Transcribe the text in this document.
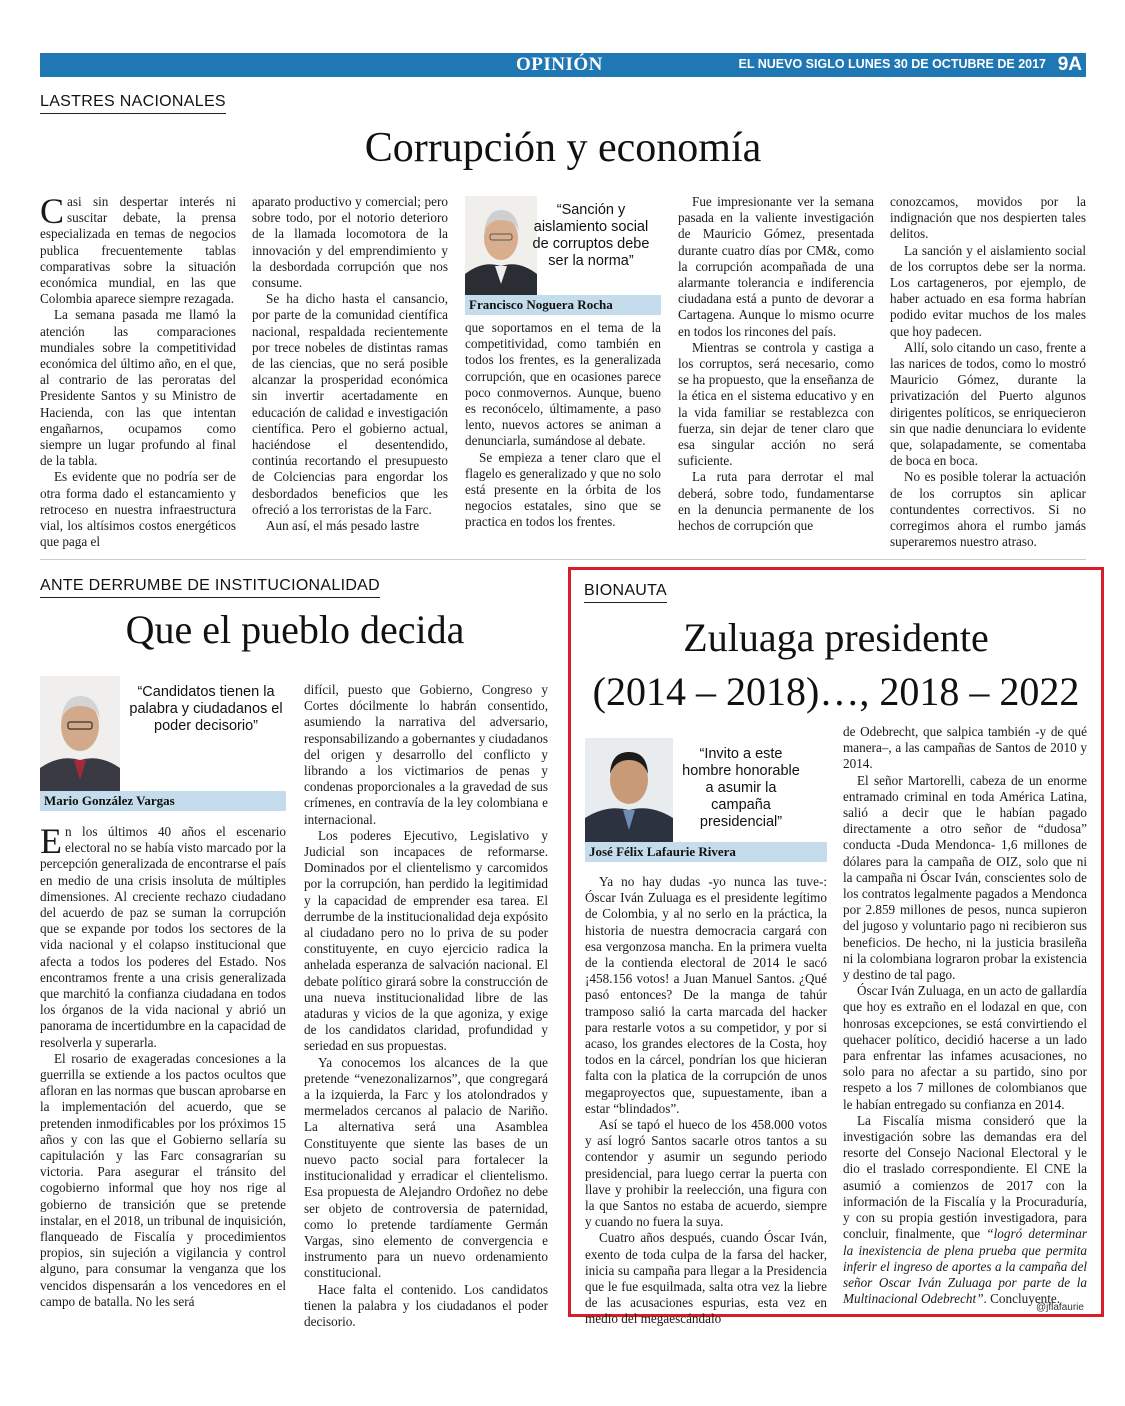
OPINIÓN	EL NUEVO SIGLO LUNES 30 DE OCTUBRE DE 2017 9A
LASTRES NACIONALES
Corrupción y economía

Casi sin despertar interés ni suscitar debate, la prensa especializada en temas de negocios publica frecuentemente tablas comparativas sobre la situación económica mundial, en las que Colombia aparece siempre rezagada.

La semana pasada me llamó la atención las comparaciones mundiales sobre la competitividad económica del último año, en el que, al contrario de las peroratas del Presidente Santos y su Ministro de Hacienda, con las que intentan engañarnos, ocupamos como siempre un lugar profundo al final de la tabla.

Es evidente que no podría ser de otra forma dado el estancamiento y retroceso en nuestra infraestructura vial, los altísimos costos energéticos que paga el

aparato productivo y comercial; pero sobre todo, por el notorio deterioro de la llamada locomotora de la innovación y del emprendimiento y la desbordada corrupción que nos consume.

Se ha dicho hasta el cansancio, por parte de la comunidad científica nacional, respaldada recientemente por trece nobeles de distintas ramas de las ciencias, que no será posible alcanzar la prosperidad económica sin invertir acertadamente en educación de calidad e investigación científica. Pero el gobierno actual, haciéndose el desentendido, continúa recortando el presupuesto de Colciencias para engordar los desbordados beneficios que les ofreció a los terroristas de la Farc.

Aun así, el más pesado lastre

“Sanción y aislamiento social de corruptos debe ser la norma”
Francisco Noguera Rocha

que soportamos en el tema de la competitividad, como también en todos los frentes, es la generalizada corrupción, que en ocasiones parece poco conmovernos. Aunque, bueno es reconócelo, últimamente, a paso lento, nuevos actores se animan a denunciarla, sumándose al debate.

Se empieza a tener claro que el flagelo es generalizado y que no solo está presente en la órbita de los negocios estatales, sino que se practica en todos los frentes.

Fue impresionante ver la semana pasada en la valiente investigación de Mauricio Gómez, presentada durante cuatro días por CM&, como la corrupción acompañada de una alarmante tolerancia e indiferencia ciudadana está a punto de devorar a Cartagena. Aunque lo mismo ocurre en todos los rincones del país.

Mientras se controla y castiga a los corruptos, será necesario, como se ha propuesto, que la enseñanza de la ética en el sistema educativo y en la vida familiar se restablezca con fuerza, sin dejar de tener claro que esa singular acción no será suficiente.

La ruta para derrotar el mal deberá, sobre todo, fundamentarse en la denuncia permanente de los hechos de corrupción que

conozcamos, movidos por la indignación que nos despierten tales delitos.

La sanción y el aislamiento social de los corruptos debe ser la norma. Los cartageneros, por ejemplo, de haber actuado en esa forma habrían podido evitar muchos de los males que hoy padecen.

Allí, solo citando un caso, frente a las narices de todos, como lo mostró Mauricio Gómez, durante la privatización del Puerto algunos dirigentes políticos, se enriquecieron sin que nadie denunciara lo evidente que, solapadamente, se comentaba de boca en boca.

No es posible tolerar la actuación de los corruptos sin aplicar contundentes correctivos. Si no corregimos ahora el rumbo jamás superaremos nuestro atraso.

ANTE DERRUMBE DE INSTITUCIONALIDAD
Que el pueblo decida
“Candidatos tienen la palabra y ciudadanos el poder decisorio”
Mario González Vargas

En los últimos 40 años el escenario electoral no se había visto marcado por la percepción generalizada de encontrarse el país en medio de una crisis insoluta de múltiples dimensiones. Al creciente rechazo ciudadano del acuerdo de paz se suman la corrupción que se expande por todos los sectores de la vida nacional y el colapso institucional que afecta a todos los poderes del Estado. Nos encontramos frente a una crisis generalizada que marchitó la confianza ciudadana en todos los órganos de la vida nacional y abrió un panorama de incertidumbre en la capacidad de resolverla y superarla.

El rosario de exageradas concesiones a la guerrilla se extiende a los pactos ocultos que afloran en las normas que buscan aprobarse en la implementación del acuerdo, que se pretenden inmodificables por los próximos 15 años y con las que el Gobierno sellaría su capitulación y las Farc consagrarían su victoria. Para asegurar el tránsito del cogobierno informal que hoy nos rige al gobierno de transición que se pretende instalar, en el 2018, un tribunal de inquisición, flanqueado de Fiscalía y procedimientos propios, sin sujeción a vigilancia y control alguno, para consumar la venganza que los vencidos dispensarán a los vencedores en el campo de batalla. No les será

difícil, puesto que Gobierno, Congreso y Cortes dócilmente lo habrán consentido, asumiendo la narrativa del adversario, responsabilizando a gobernantes y ciudadanos del origen y desarrollo del conflicto y librando a los victimarios de penas y condenas proporcionales a la gravedad de sus crímenes, en contravía de la ley colombiana e internacional.

Los poderes Ejecutivo, Legislativo y Judicial son incapaces de reformarse. Dominados por el clientelismo y carcomidos por la corrupción, han perdido la legitimidad y la capacidad de emprender esa tarea. El derrumbe de la institucionalidad deja expósito al ciudadano pero no lo priva de su poder constituyente, en cuyo ejercicio radica la anhelada esperanza de salvación nacional. El debate político girará sobre la construcción de una nueva institucionalidad libre de las ataduras y vicios de la que agoniza, y exige de los candidatos claridad, profundidad y seriedad en sus propuestas.

Ya conocemos los alcances de la que pretende “venezonalizarnos”, que congregará a la izquierda, la Farc y los atolondrados y mermelados cercanos al palacio de Nariño. La alternativa será una Asamblea Constituyente que siente las bases de un nuevo pacto social para fortalecer la institucionalidad y erradicar el clientelismo. Esa propuesta de Alejandro Ordoñez no debe ser objeto de controversia de paternidad, como lo pretende tardíamente Germán Vargas, sino elemento de convergencia e instrumento para un nuevo ordenamiento constitucional.

Hace falta el contenido. Los candidatos tienen la palabra y los ciudadanos el poder decisorio.

BIONAUTA
Zuluaga presidente
(2014 – 2018)…, 2018 – 2022
“Invito a este hombre honorable a asumir la campaña presidencial”
José Félix Lafaurie Rivera

Ya no hay dudas -yo nunca las tuve-: Óscar Iván Zuluaga es el presidente legítimo de Colombia, y al no serlo en la práctica, la historia de nuestra democracia cargará con esa vergonzosa mancha. En la primera vuelta de la contienda electoral de 2014 le sacó ¡458.156 votos! a Juan Manuel Santos. ¿Qué pasó entonces? De la manga de tahúr tramposo salió la carta marcada del hacker para restarle votos a su competidor, y por si acaso, los grandes electores de la Costa, hoy todos en la cárcel, pondrían los que hicieran falta con la platica de la corrupción de unos megaproyectos que, supuestamente, iban a estar “blindados”.

Así se tapó el hueco de los 458.000 votos y así logró Santos sacarle otros tantos a su contendor y asumir un segundo periodo presidencial, para luego cerrar la puerta con llave y prohibir la reelección, una figura con la que Santos no estaba de acuerdo, siempre y cuando no fuera la suya.

Cuatro años después, cuando Óscar Iván, exento de toda culpa de la farsa del hacker, inicia su campaña para llegar a la Presidencia que le fue esquilmada, salta otra vez la liebre de las acusaciones espurias, esta vez en medio del megaescándalo

de Odebrecht, que salpica también -y de qué manera–, a las campañas de Santos de 2010 y 2014.

El señor Martorelli, cabeza de un enorme entramado criminal en toda América Latina, salió a decir que le habían pagado directamente a otro señor de “dudosa” conducta -Duda Mendonca- 1,6 millones de dólares para la campaña de OIZ, solo que ni la campaña ni Óscar Iván, conscientes solo de los contratos legalmente pagados a Mendonca por 2.859 millones de pesos, nunca supieron del jugoso y voluntario pago ni recibieron sus beneficios. De hecho, ni la justicia brasileña ni la colombiana lograron probar la existencia y destino de tal pago.

Óscar Iván Zuluaga, en un acto de gallardía que hoy es extraño en el lodazal en que, con honrosas excepciones, se está convirtiendo el quehacer político, decidió hacerse a un lado para enfrentar las infames acusaciones, no solo para no afectar a su partido, sino por respeto a los 7 millones de colombianos que le habían entregado su confianza en 2014.

La Fiscalía misma consideró que la investigación sobre las demandas era del resorte del Consejo Nacional Electoral y le dio el traslado correspondiente. El CNE la asumió a comienzos de 2017 con la información de la Fiscalía y la Procuraduría, y con su propia gestión investigadora, para concluir, finalmente, que “logró determinar la inexistencia de plena prueba que permita inferir el ingreso de aportes a la campaña del señor Oscar Iván Zuluaga por parte de la Multinacional Odebrecht”. Concluyente.

@jflafaurie
